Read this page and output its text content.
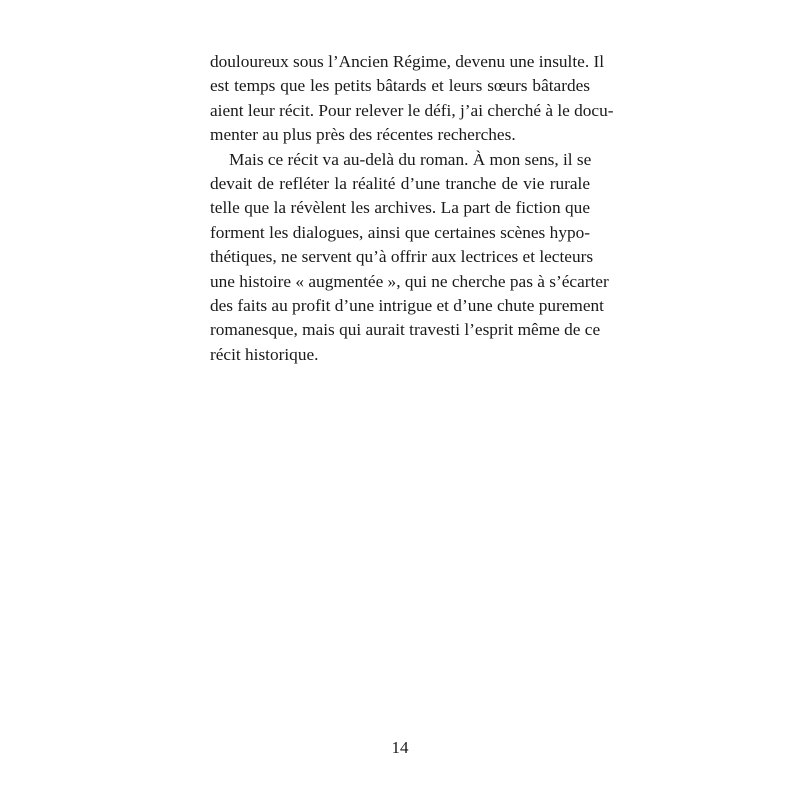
douloureux sous l’Ancien Régime, devenu une insulte. Il
est temps que les petits bâtards et leurs sœurs bâtardes
aient leur récit. Pour relever le défi, j’ai cherché à le docu-
menter au plus près des récentes recherches.
Mais ce récit va au-delà du roman. À mon sens, il se
devait de refléter la réalité d’une tranche de vie rurale
telle que la révèlent les archives. La part de fiction que
forment les dialogues, ainsi que certaines scènes hypo-
thétiques, ne servent qu’à offrir aux lectrices et lecteurs
une histoire « augmentée », qui ne cherche pas à s’écarter
des faits au profit d’une intrigue et d’une chute purement
romanesque, mais qui aurait travesti l’esprit même de ce
récit historique.
14
